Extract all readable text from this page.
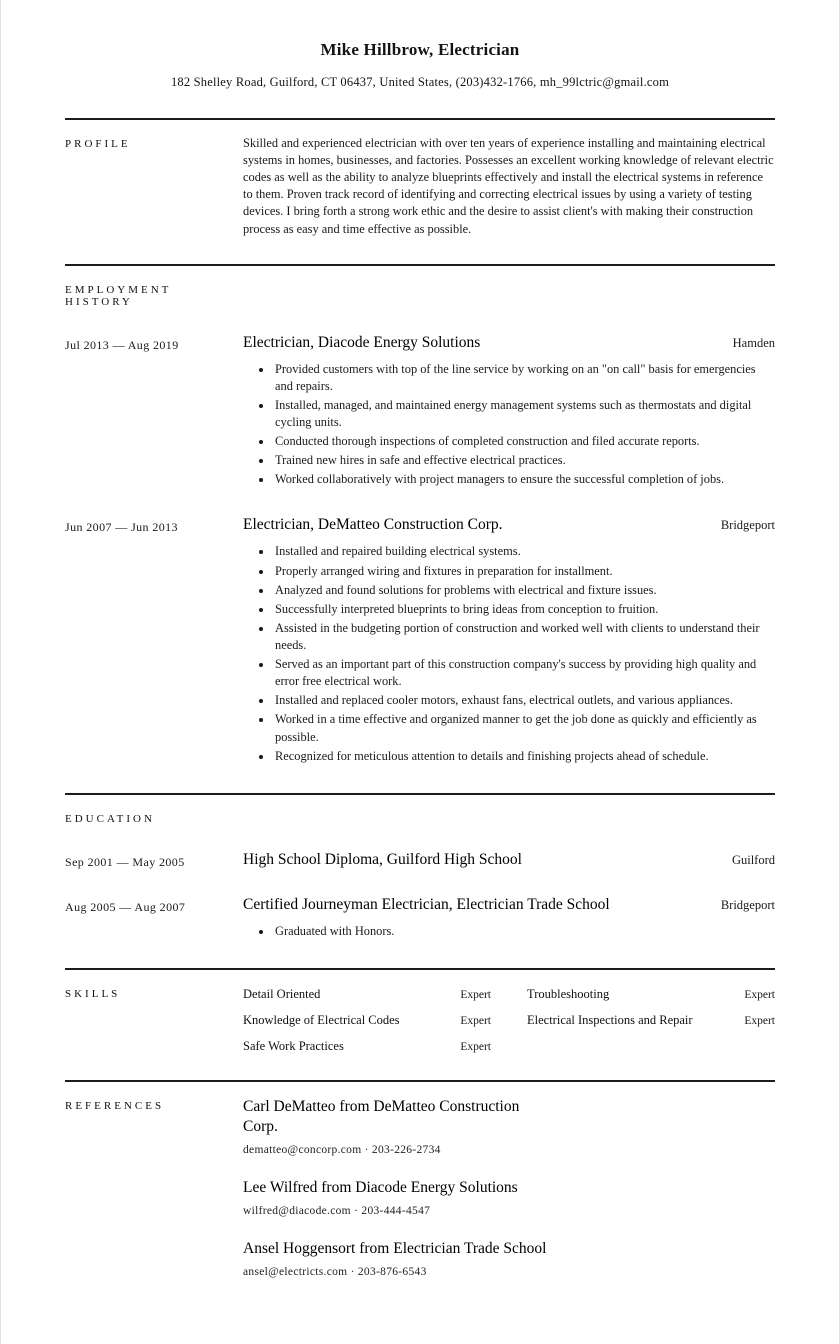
Mike Hillbrow, Electrician
182 Shelley Road, Guilford, CT 06437, United States, (203)432-1766, mh_99lctric@gmail.com
PROFILE	Skilled and experienced electrician with over ten years of experience installing and maintaining electrical systems in homes, businesses, and factories. Possesses an excellent working knowledge of relevant electric codes as well as the ability to analyze blueprints effectively and install the electrical systems in reference to them. Proven track record of identifying and correcting electrical issues by using a variety of testing devices. I bring forth a strong work ethic and the desire to assist client's with making their construction process as easy and time effective as possible.

EMPLOYMENT HISTORY
Jul 2013 — Aug 2019	Electrician, Diacode Energy Solutions	Hamden
• Provided customers with top of the line service by working on an "on call" basis for emergencies and repairs.
• Installed, managed, and maintained energy management systems such as thermostats and digital cycling units.
• Conducted thorough inspections of completed construction and filed accurate reports.
• Trained new hires in safe and effective electrical practices.
• Worked collaboratively with project managers to ensure the successful completion of jobs.
Jun 2007 — Jun 2013	Electrician, DeMatteo Construction Corp.	Bridgeport
• Installed and repaired building electrical systems.
• Properly arranged wiring and fixtures in preparation for installment.
• Analyzed and found solutions for problems with electrical and fixture issues.
• Successfully interpreted blueprints to bring ideas from conception to fruition.
• Assisted in the budgeting portion of construction and worked well with clients to understand their needs.
• Served as an important part of this construction company's success by providing high quality and error free electrical work.
• Installed and replaced cooler motors, exhaust fans, electrical outlets, and various appliances.
• Worked in a time effective and organized manner to get the job done as quickly and efficiently as possible.
• Recognized for meticulous attention to details and finishing projects ahead of schedule.
EDUCATION
Sep 2001 — May 2005	High School Diploma, Guilford High School	Guilford
Aug 2005 — Aug 2007	Certified Journeyman Electrician, Electrician Trade School	Bridgeport
• Graduated with Honors.
SKILLS	Detail Oriented	Expert	Troubleshooting	Expert
Knowledge of Electrical Codes	Expert	Electrical Inspections and Repair	Expert
Safe Work Practices	Expert
REFERENCES	Carl DeMatteo from DeMatteo Construction Corp.
dematteo@concorp.com · 203-226-2734
Lee Wilfred from Diacode Energy Solutions
wilfred@diacode.com · 203-444-4547
Ansel Hoggensort from Electrician Trade School
ansel@electricts.com · 203-876-6543
